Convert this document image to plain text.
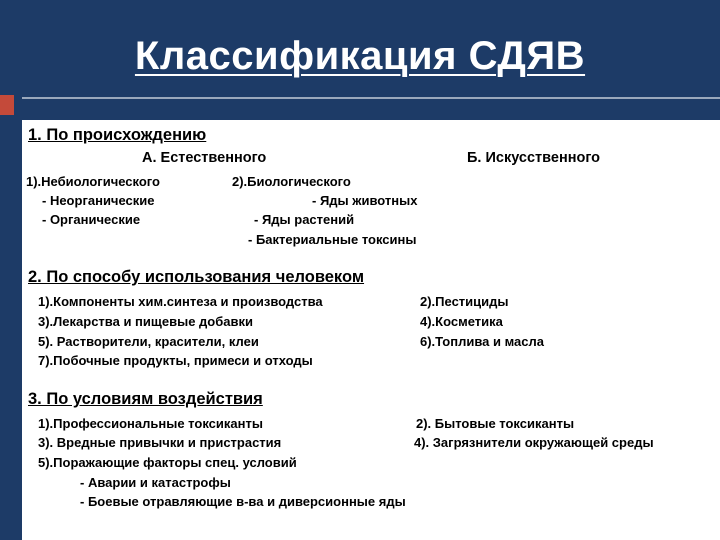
Классификация СДЯВ
1. По происхождению
А. Естественного	Б. Искусственного
1).Небиологического
- Неорганические
- Органические
2).Биологического
- Яды животных
- Яды растений
- Бактериальные токсины
2. По способу использования человеком
1).Компоненты хим.синтеза и производства
3).Лекарства и пищевые добавки
5). Растворители, красители, клеи
7).Побочные продукты, примеси и отходы
2).Пестициды
4).Косметика
6).Топлива и масла
3. По условиям воздействия
1).Профессиональные токсиканты
3). Вредные привычки и пристрастия
5).Поражающие факторы спец. условий
2). Бытовые токсиканты
4). Загрязнители окружающей среды
- Аварии и катастрофы
- Боевые отравляющие в-ва и диверсионные яды
